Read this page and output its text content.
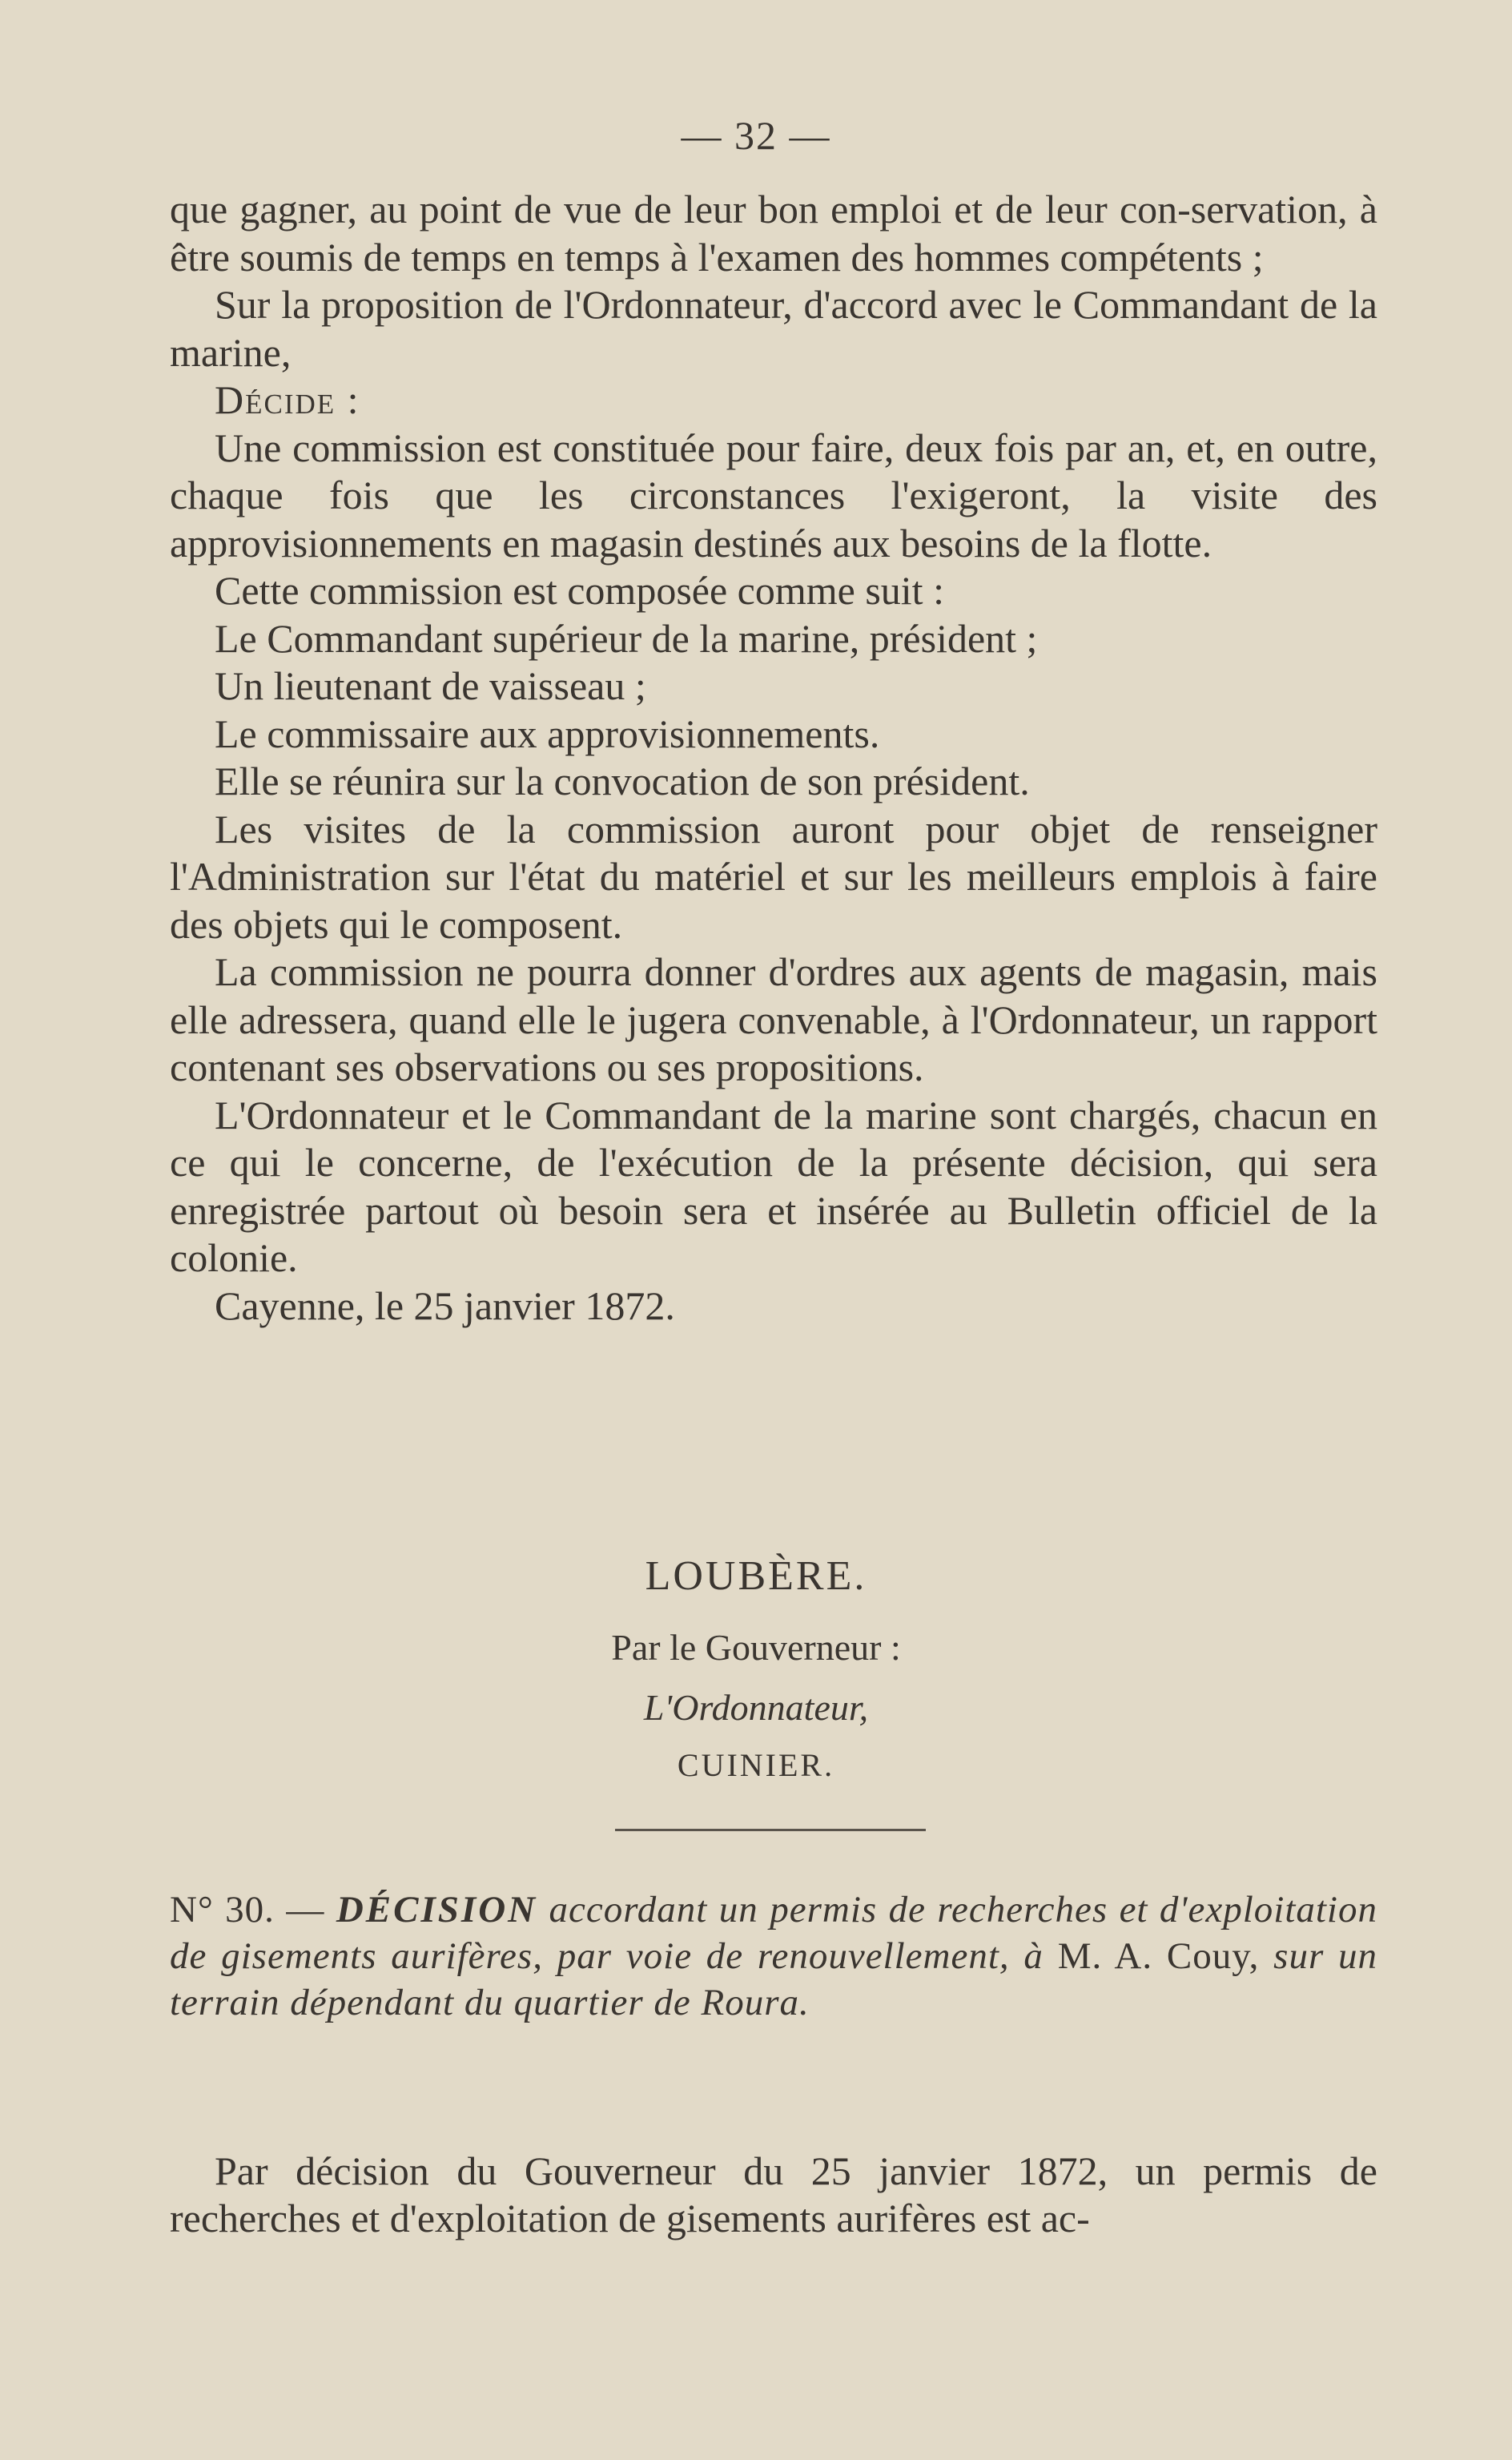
— 32 —

que gagner, au point de vue de leur bon emploi et de leur con-servation, à être soumis de temps en temps à l'examen des hommes compétents ;

Sur la proposition de l'Ordonnateur, d'accord avec le Commandant de la marine,

Décide :

Une commission est constituée pour faire, deux fois par an, et, en outre, chaque fois que les circonstances l'exigeront, la visite des approvisionnements en magasin destinés aux besoins de la flotte.

Cette commission est composée comme suit :

Le Commandant supérieur de la marine, président ;

Un lieutenant de vaisseau ;

Le commissaire aux approvisionnements.

Elle se réunira sur la convocation de son président.

Les visites de la commission auront pour objet de renseigner l'Administration sur l'état du matériel et sur les meilleurs emplois à faire des objets qui le composent.

La commission ne pourra donner d'ordres aux agents de magasin, mais elle adressera, quand elle le jugera convenable, à l'Ordonnateur, un rapport contenant ses observations ou ses propositions.

L'Ordonnateur et le Commandant de la marine sont chargés, chacun en ce qui le concerne, de l'exécution de la présente décision, qui sera enregistrée partout où besoin sera et insérée au Bulletin officiel de la colonie.

Cayenne, le 25 janvier 1872.

LOUBÈRE.
Par le Gouverneur :
L'Ordonnateur,
CUINIER.
N° 30. — DÉCISION accordant un permis de recherches et d'exploitation de gisements aurifères, par voie de renouvellement, à M. A. Couy, sur un terrain dépendant du quartier de Roura.

Par décision du Gouverneur du 25 janvier 1872, un permis de recherches et d'exploitation de gisements aurifères est ac-
